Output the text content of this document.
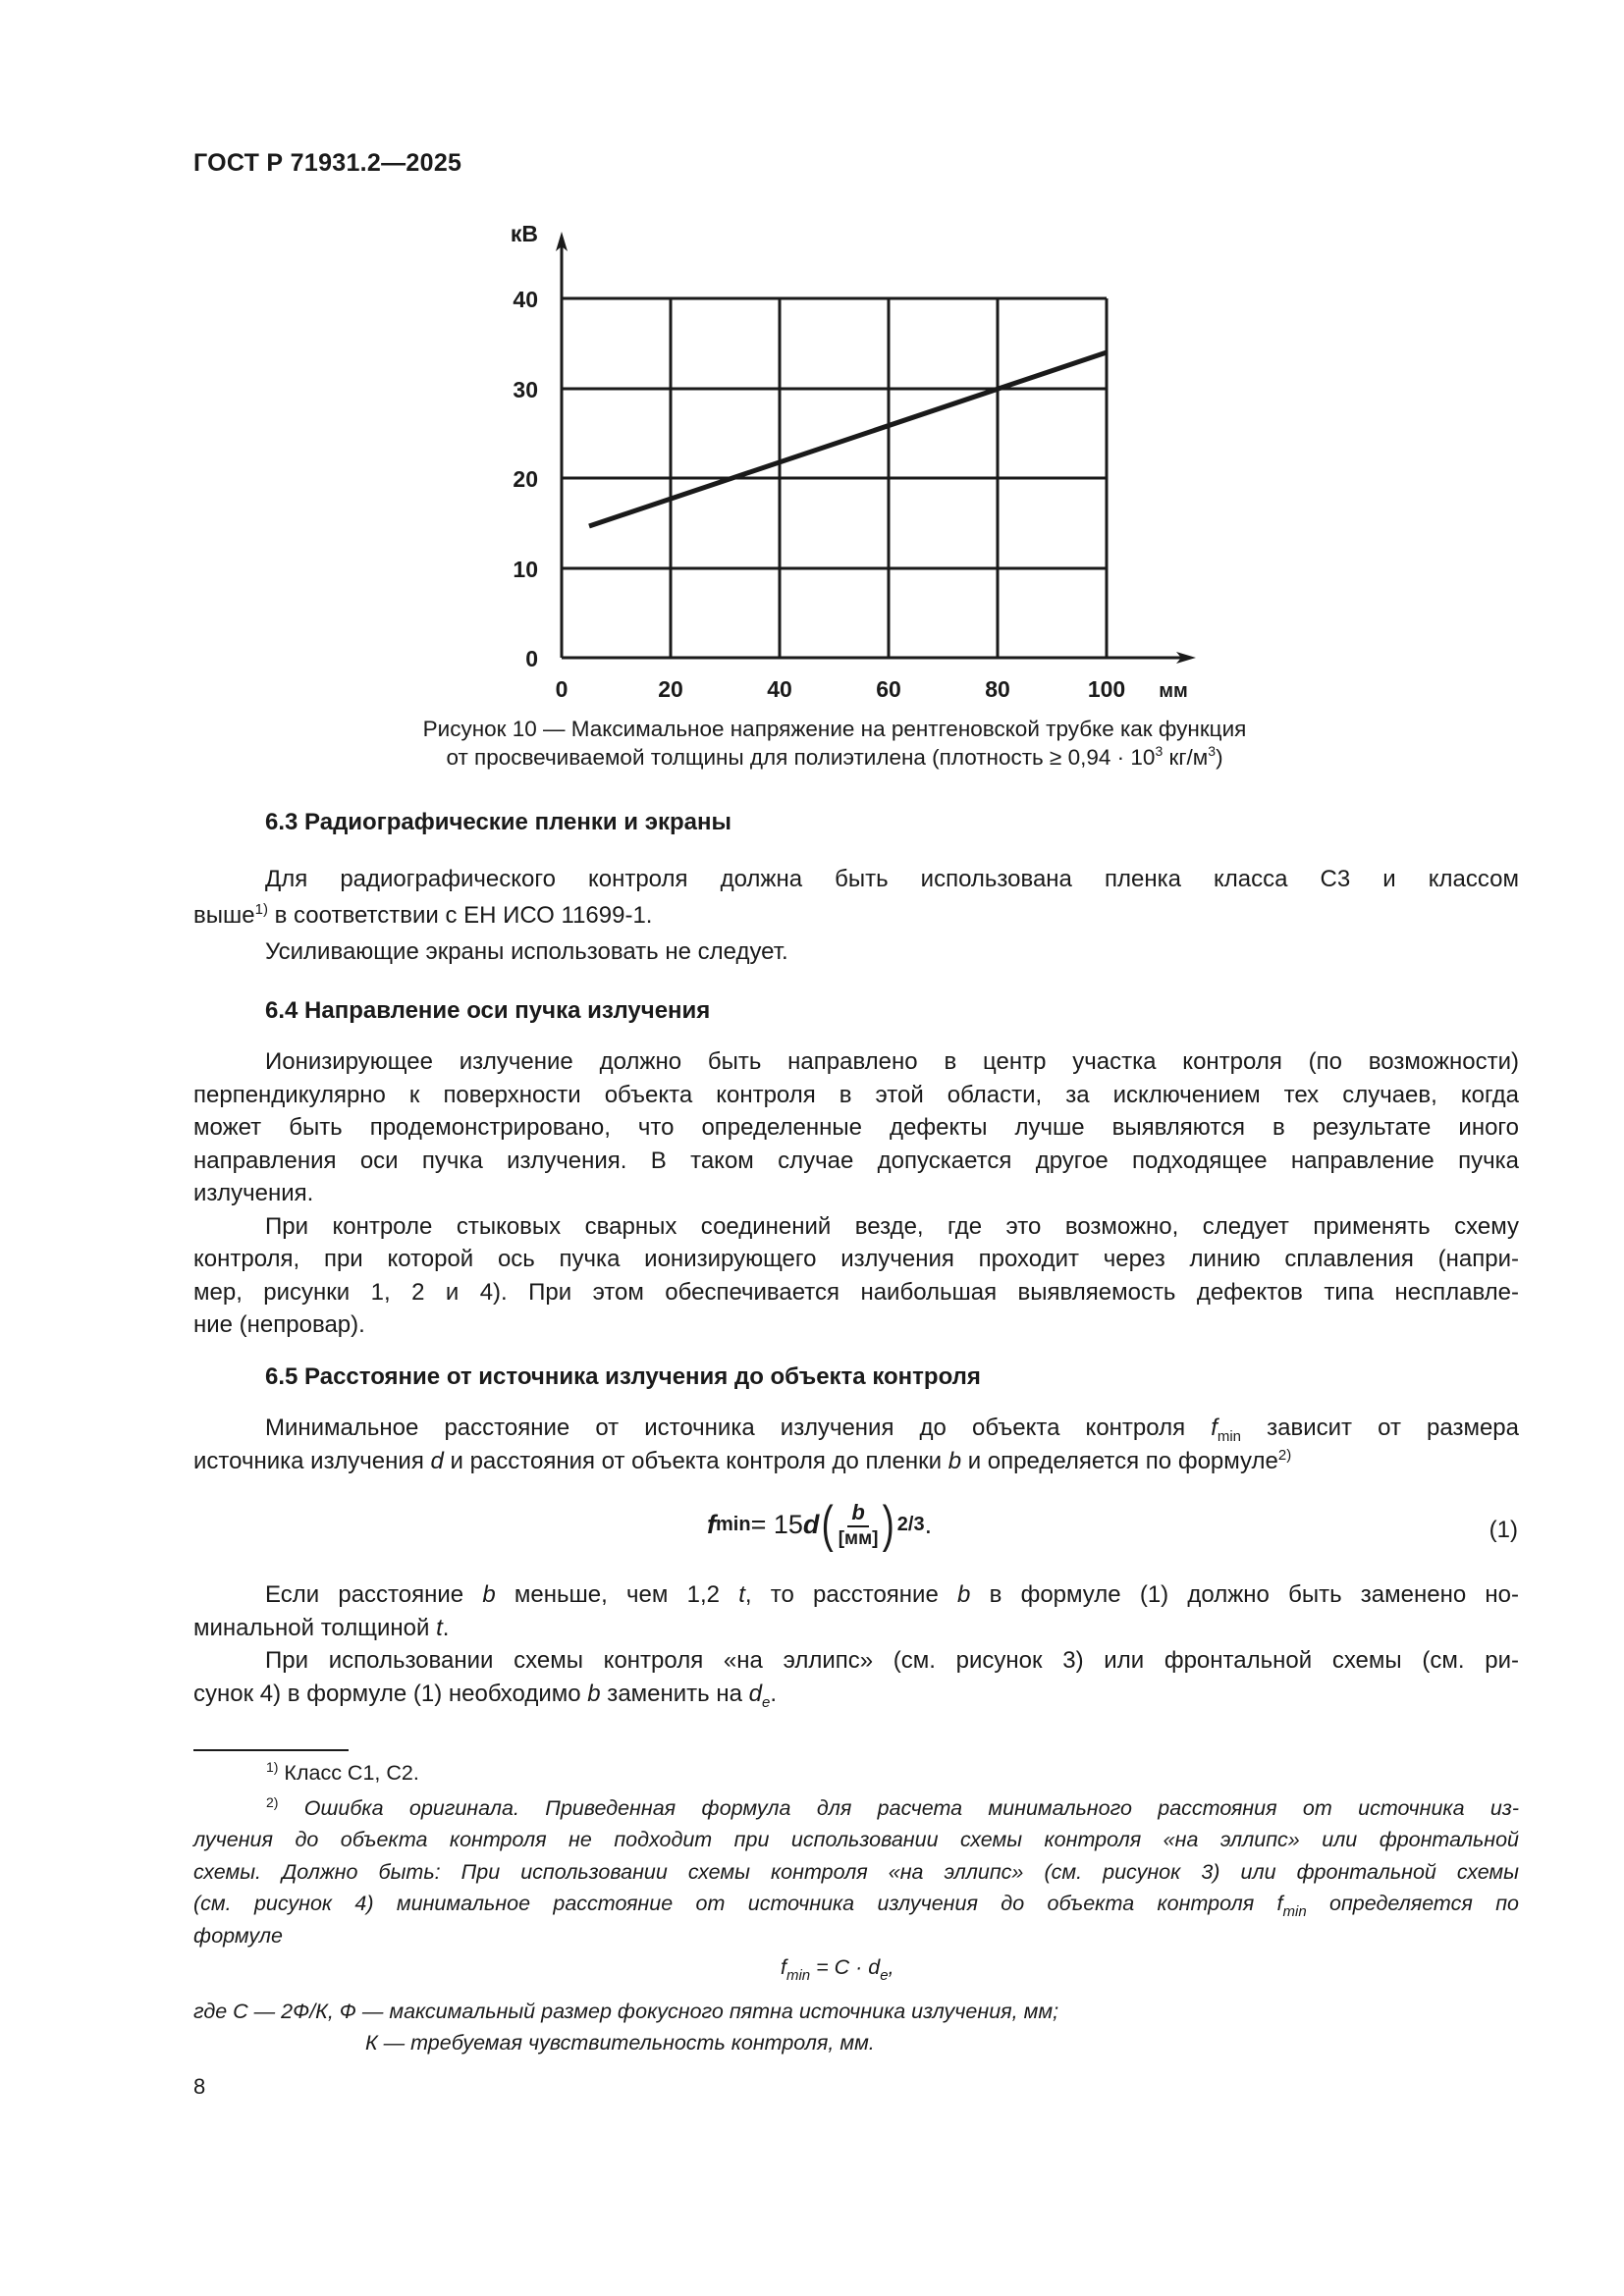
ГОСТ Р 71931.2—2025
кВ
40
30
20
10
0
0	20	40	60	80	100 мм
Рисунок 10 — Максимальное напряжение на рентгеновской трубке как функция
от просвечиваемой толщины для полиэтилена (плотность ≥ $0,94 \cdot 10^3$ $кг/м^3$)
6.3 Радиографические пленки и экраны
Для радиографического контроля должна быть использована пленка класса С3 и классом
выше$^{1)}$ в соответствии с ЕН ИСО 11699-1.
Усиливающие экраны использовать не следует.
6.4 Направление оси пучка излучения
Ионизирующее излучение должно быть направлено в центр участка контроля (по возможности)
перпендикулярно к поверхности объекта контроля в этой области, за исключением тех случаев, когда
может быть продемонстрировано, что определенные дефекты лучше выявляются в результате иного
направления оси пучка излучения. В таком случае допускается другое подходящее направление пучка
излучения.
При контроле стыковых сварных соединений везде, где это возможно, следует применять схему
контроля, при которой ось пучка ионизирующего излучения проходит через линию сплавления (напри-
мер, рисунки 1, 2 и 4). При этом обеспечивается наибольшая выявляемость дефектов типа несплавле-
ние (непровар).
6.5 Расстояние от источника излучения до объекта контроля
Минимальное расстояние от источника излучения до объекта контроля $f_{min}$ зависит от размера
источника излучения d и расстояния от объекта контроля до пленки b и определяется по формуле$^{2)}$
f min = 15 d ( $\frac{b}{[мм]}$ ) 2/3 .	(1)
Если расстояние b меньше, чем 1,2 t, то расстояние b в формуле (1) должно быть заменено но-
минальной толщиной t.
При использовании схемы контроля «на эллипс» (см. рисунок 3) или фронтальной схемы (см. ри-
сунок 4) в формуле (1) необходимо b заменить на $d_e$.
$^{1)}$ Класс С1, С2.
$^{2)}$ Ошибка оригинала. Приведенная формула для расчета минимального расстояния от источника из-
лучения до объекта контроля не подходит при использовании схемы контроля «на эллипс» или фронтальной
схемы. Должно быть: При использовании схемы контроля «на эллипс» (см. рисунок 3) или фронтальной схемы
(см. рисунок 4) минимальное расстояние от источника излучения до объекта контроля $f_{min}$ определяется по
формуле
$f_{min} = C \cdot d_e$,
где С — 2Ф/К, Ф — максимальный размер фокусного пятна источника излучения, мм;
К — требуемая чувствительность контроля, мм.
8
